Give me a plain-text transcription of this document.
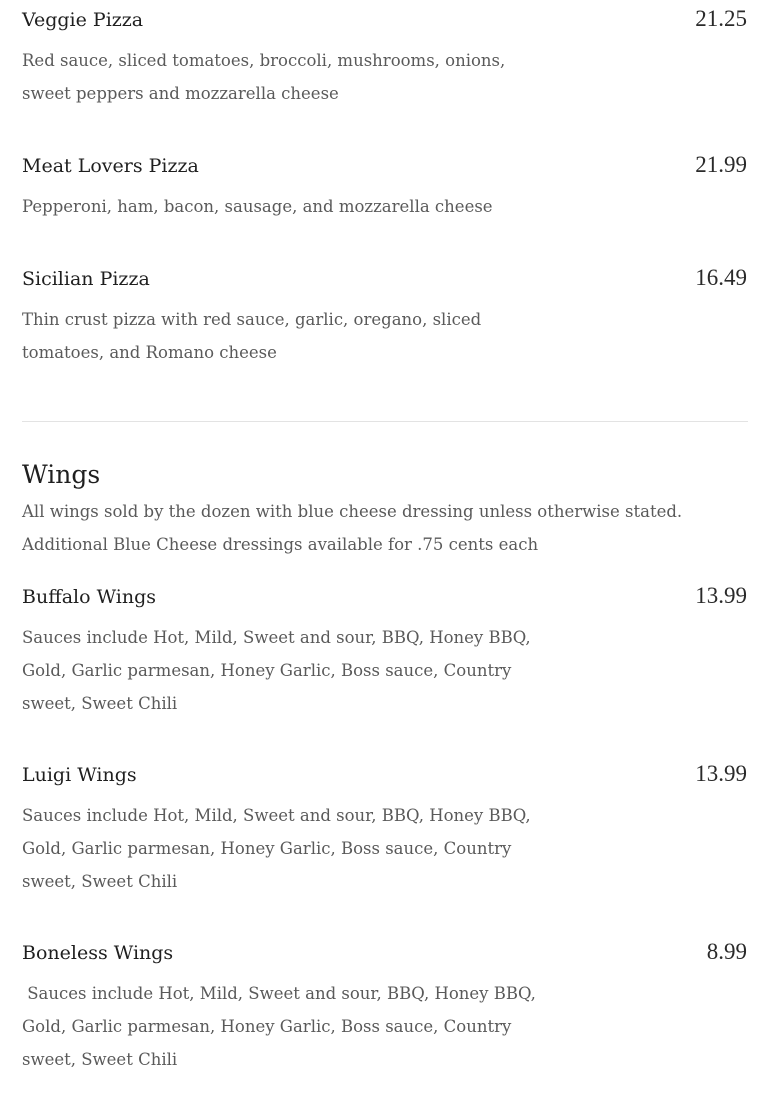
Veggie Pizza	21.25
Red sauce, sliced tomatoes, broccoli, mushrooms, onions,
sweet peppers and mozzarella cheese
Meat Lovers Pizza	21.99
Pepperoni, ham, bacon, sausage, and mozzarella cheese
Sicilian Pizza	16.49
Thin crust pizza with red sauce, garlic, oregano, sliced
tomatoes, and Romano cheese
Wings
All wings sold by the dozen with blue cheese dressing unless otherwise stated.
Additional Blue Cheese dressings available for .75 cents each
Buffalo Wings	13.99
Sauces include Hot, Mild, Sweet and sour, BBQ, Honey BBQ,
Gold, Garlic parmesan, Honey Garlic, Boss sauce, Country
sweet, Sweet Chili
Luigi Wings	13.99
Sauces include Hot, Mild, Sweet and sour, BBQ, Honey BBQ,
Gold, Garlic parmesan, Honey Garlic, Boss sauce, Country
sweet, Sweet Chili
Boneless Wings	8.99
Sauces include Hot, Mild, Sweet and sour, BBQ, Honey BBQ,
Gold, Garlic parmesan, Honey Garlic, Boss sauce, Country
sweet, Sweet Chili
